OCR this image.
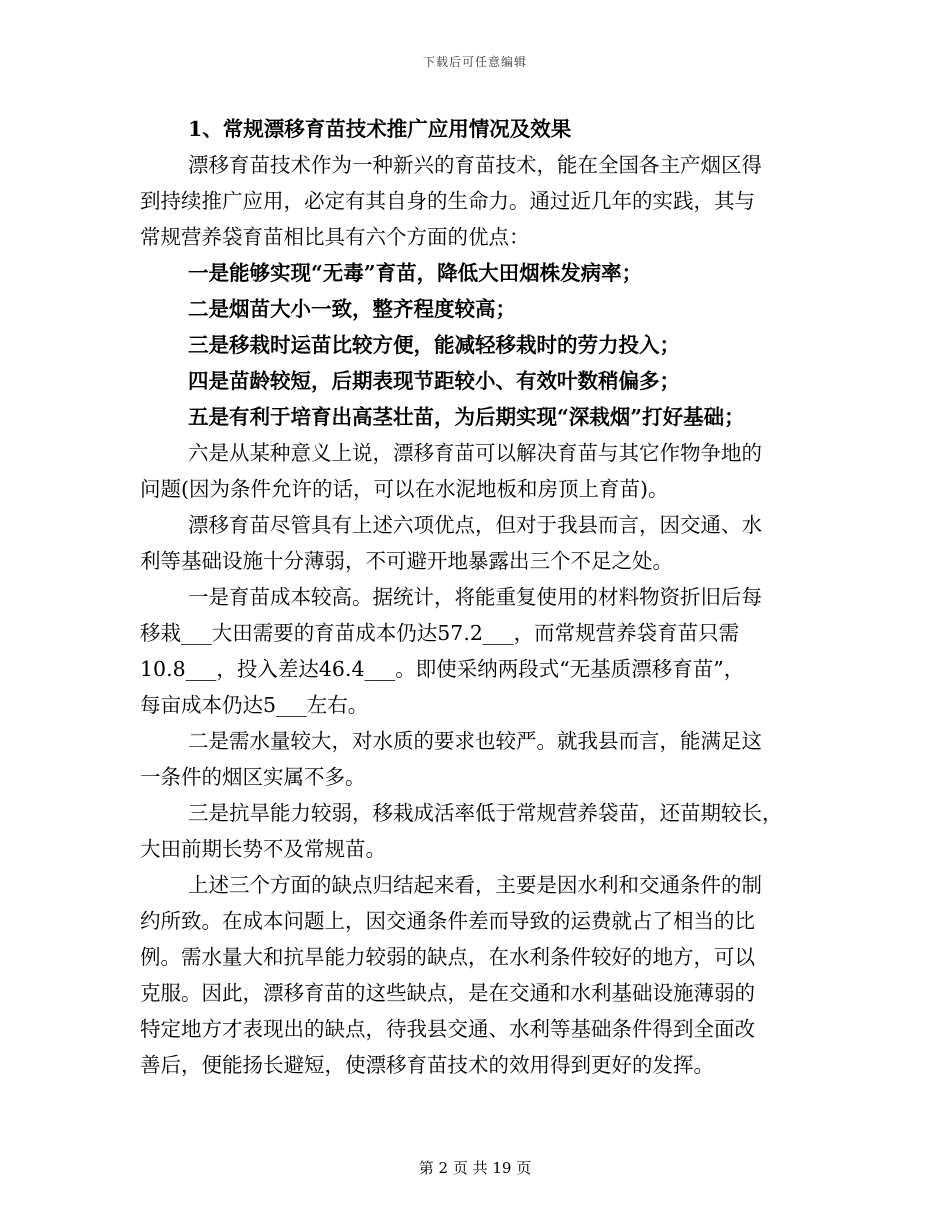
下载后可任意编辑
1、常规漂移育苗技术推广应用情况及效果
漂移育苗技术作为一种新兴的育苗技术，能在全国各主产烟区得
到持续推广应用，必定有其自身的生命力。通过近几年的实践，其与
常规营养袋育苗相比具有六个方面的优点：
一是能够实现“无毒”育苗，降低大田烟株发病率；
二是烟苗大小一致，整齐程度较高；
三是移栽时运苗比较方便，能减轻移栽时的劳力投入；
四是苗龄较短，后期表现节距较小、有效叶数稍偏多；
五是有利于培育出高茎壮苗，为后期实现“深栽烟”打好基础；
六是从某种意义上说，漂移育苗可以解决育苗与其它作物争地的
问题(因为条件允许的话，可以在水泥地板和房顶上育苗)。
漂移育苗尽管具有上述六项优点，但对于我县而言，因交通、水
利等基础设施十分薄弱，不可避开地暴露出三个不足之处。
一是育苗成本较高。据统计，将能重复使用的材料物资折旧后每
移栽___大田需要的育苗成本仍达57.2___，而常规营养袋育苗只需
10.8___，投入差达46.4___。即使采纳两段式“无基质漂移育苗”，
每亩成本仍达5___左右。
二是需水量较大，对水质的要求也较严。就我县而言，能满足这
一条件的烟区实属不多。
三是抗旱能力较弱，移栽成活率低于常规营养袋苗，还苗期较长，
大田前期长势不及常规苗。
上述三个方面的缺点归结起来看，主要是因水利和交通条件的制
约所致。在成本问题上，因交通条件差而导致的运费就占了相当的比
例。需水量大和抗旱能力较弱的缺点，在水利条件较好的地方，可以
克服。因此，漂移育苗的这些缺点，是在交通和水利基础设施薄弱的
特定地方才表现出的缺点，待我县交通、水利等基础条件得到全面改
善后，便能扬长避短，使漂移育苗技术的效用得到更好的发挥。
第 2 页 共 19 页
